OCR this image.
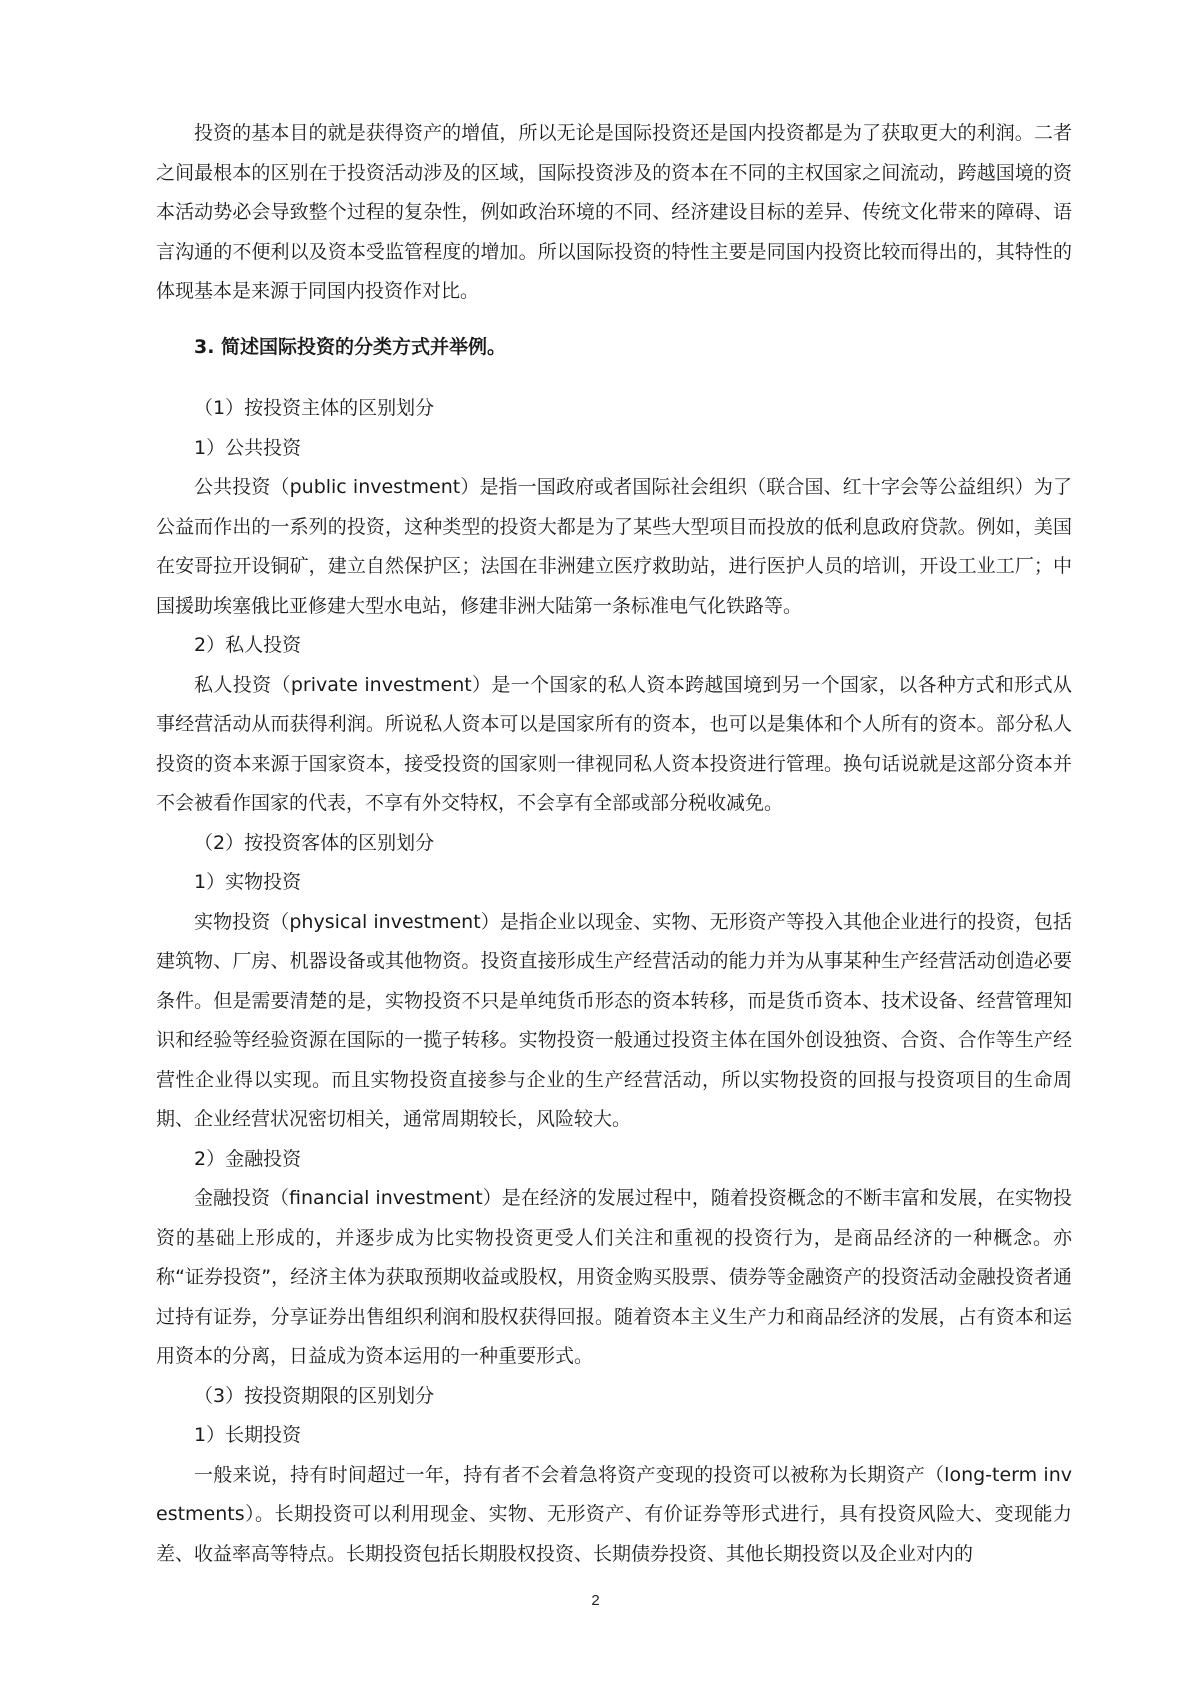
投资的基本目的就是获得资产的增值，所以无论是国际投资还是国内投资都是为了获取更大的利润。二者之间最根本的区别在于投资活动涉及的区域，国际投资涉及的资本在不同的主权国家之间流动，跨越国境的资本活动势必会导致整个过程的复杂性，例如政治环境的不同、经济建设目标的差异、传统文化带来的障碍、语言沟通的不便利以及资本受监管程度的增加。所以国际投资的特性主要是同国内投资比较而得出的，其特性的体现基本是来源于同国内投资作对比。

3. 简述国际投资的分类方式并举例。

（1）按投资主体的区别划分

1）公共投资

公共投资（public investment）是指一国政府或者国际社会组织（联合国、红十字会等公益组织）为了公益而作出的一系列的投资，这种类型的投资大都是为了某些大型项目而投放的低利息政府贷款。例如，美国在安哥拉开设铜矿，建立自然保护区；法国在非洲建立医疗救助站，进行医护人员的培训，开设工业工厂；中国援助埃塞俄比亚修建大型水电站，修建非洲大陆第一条标准电气化铁路等。

2）私人投资

私人投资（private investment）是一个国家的私人资本跨越国境到另一个国家，以各种方式和形式从事经营活动从而获得利润。所说私人资本可以是国家所有的资本，也可以是集体和个人所有的资本。部分私人投资的资本来源于国家资本，接受投资的国家则一律视同私人资本投资进行管理。换句话说就是这部分资本并不会被看作国家的代表，不享有外交特权，不会享有全部或部分税收减免。

（2）按投资客体的区别划分

1）实物投资

实物投资（physical investment）是指企业以现金、实物、无形资产等投入其他企业进行的投资，包括建筑物、厂房、机器设备或其他物资。投资直接形成生产经营活动的能力并为从事某种生产经营活动创造必要条件。但是需要清楚的是，实物投资不只是单纯货币形态的资本转移，而是货币资本、技术设备、经营管理知识和经验等经验资源在国际的一揽子转移。实物投资一般通过投资主体在国外创设独资、合资、合作等生产经营性企业得以实现。而且实物投资直接参与企业的生产经营活动，所以实物投资的回报与投资项目的生命周期、企业经营状况密切相关，通常周期较长，风险较大。

2）金融投资

金融投资（financial investment）是在经济的发展过程中，随着投资概念的不断丰富和发展，在实物投资的基础上形成的，并逐步成为比实物投资更受人们关注和重视的投资行为，是商品经济的一种概念。亦称“证券投资”，经济主体为获取预期收益或股权，用资金购买股票、债券等金融资产的投资活动金融投资者通过持有证券，分享证券出售组织利润和股权获得回报。随着资本主义生产力和商品经济的发展，占有资本和运用资本的分离，日益成为资本运用的一种重要形式。

（3）按投资期限的区别划分

1）长期投资

一般来说，持有时间超过一年，持有者不会着急将资产变现的投资可以被称为长期资产（long-term investments）。长期投资可以利用现金、实物、无形资产、有价证券等形式进行，具有投资风险大、变现能力差、收益率高等特点。长期投资包括长期股权投资、长期债券投资、其他长期投资以及企业对内的

2
